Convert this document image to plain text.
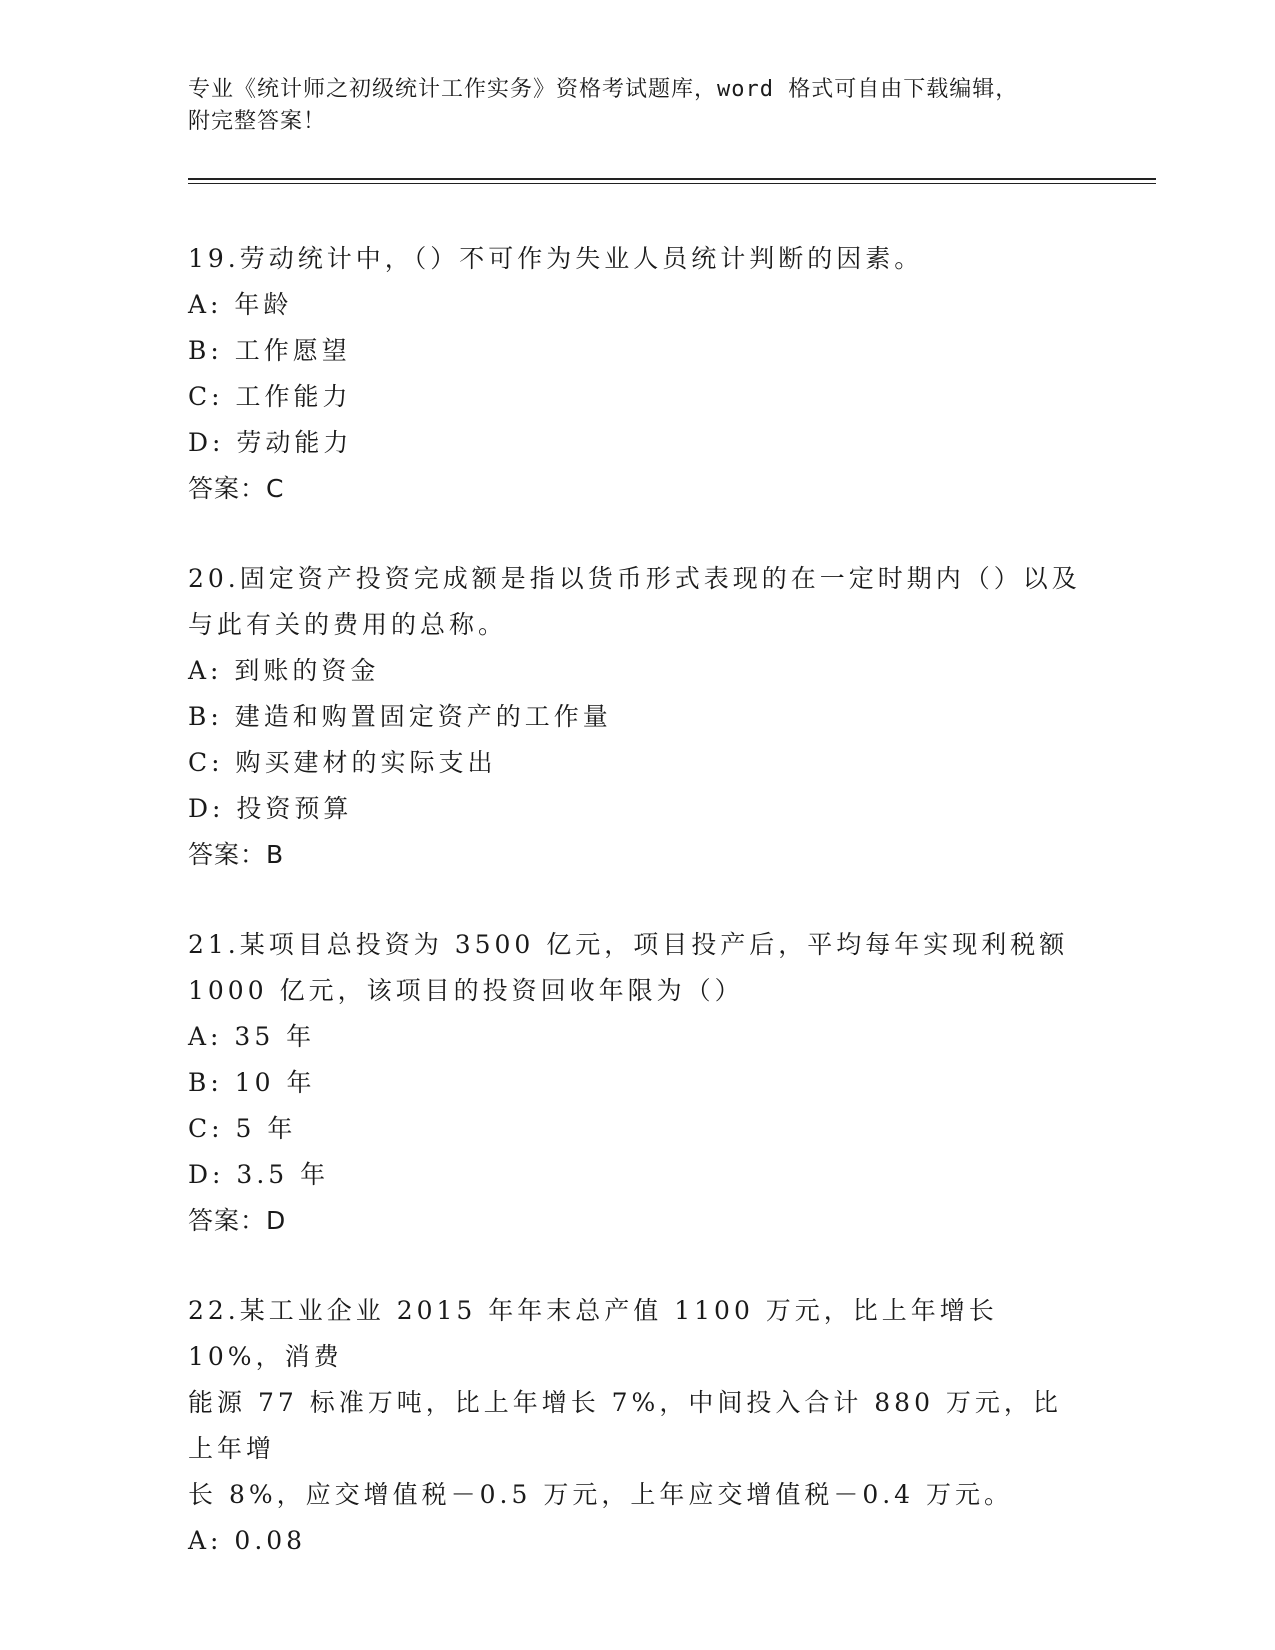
专业《统计师之初级统计工作实务》资格考试题库，word 格式可自由下载编辑，
附完整答案！

19.劳动统计中，（）不可作为失业人员统计判断的因素。

A: 年龄

B: 工作愿望

C: 工作能力

D: 劳动能力

答案：C

20.固定资产投资完成额是指以货币形式表现的在一定时期内（）以及

与此有关的费用的总称。

A: 到账的资金

B: 建造和购置固定资产的工作量

C: 购买建材的实际支出

D: 投资预算

答案：B

21.某项目总投资为 3500 亿元，项目投产后，平均每年实现利税额

1000 亿元，该项目的投资回收年限为（）

A: 35 年

B: 10 年

C: 5 年

D: 3.5 年

答案：D

22.某工业企业 2015 年年末总产值 1100 万元，比上年增长 10%，消费

能源 77 标准万吨，比上年增长 7%，中间投入合计 880 万元，比上年增

长 8%，应交增值税－0.5 万元，上年应交增值税－0.4 万元。

A: 0.08
